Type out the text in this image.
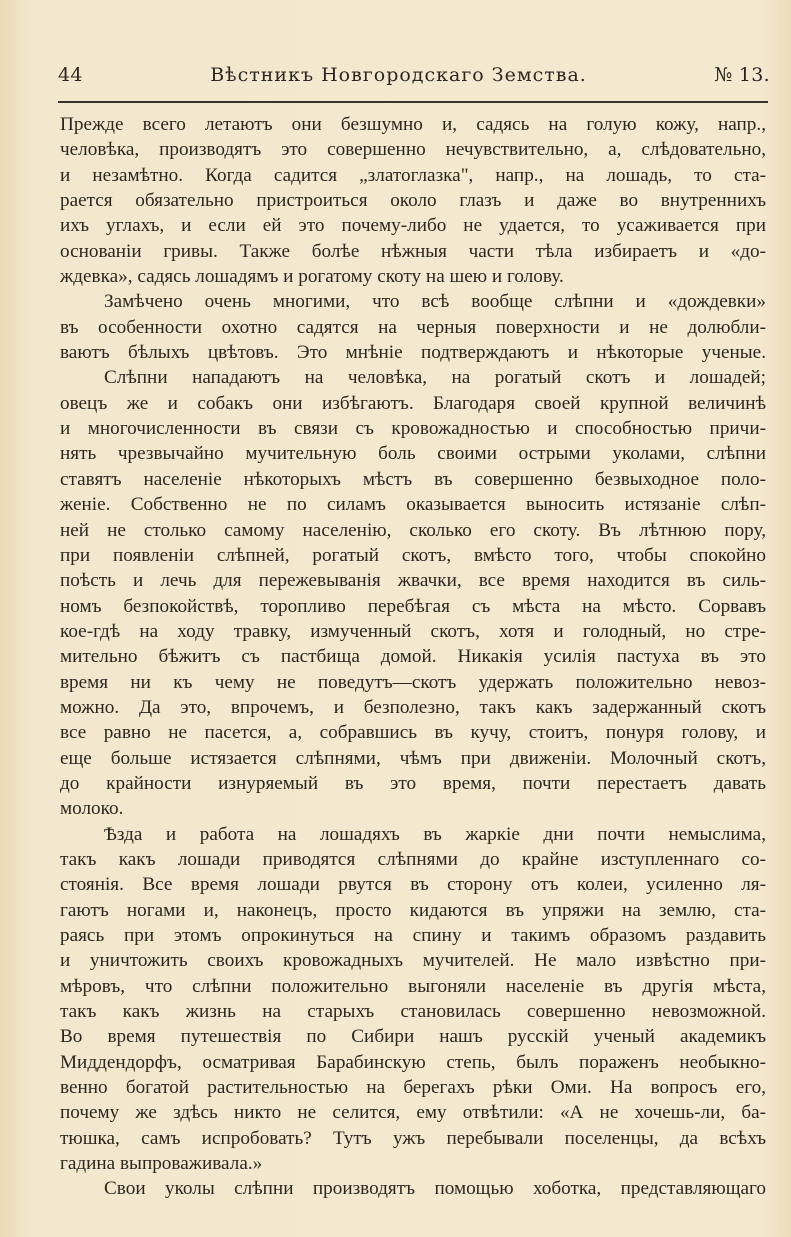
44	Вѣстникъ Новгородскаго Земства.	№ 13.
Прежде всего летаютъ они безшумно и, садясь на голую кожу, напр.,
человѣка, производятъ это совершенно нечувствительно, а, слѣдовательно,
и незамѣтно. Когда садится „златоглазка", напр., на лошадь, то ста-
рается обязательно пристроиться около глазъ и даже во внутреннихъ
ихъ углахъ, и если ей это почему-либо не удается, то усаживается при
основаніи гривы. Также болѣе нѣжныя части тѣла избираетъ и «до-
ждевка», садясь лошадямъ и рогатому скоту на шею и голову.
Замѣчено очень многими, что всѣ вообще слѣпни и «дождевки»
въ особенности охотно садятся на черныя поверхности и не долюбли-
ваютъ бѣлыхъ цвѣтовъ. Это мнѣніе подтверждаютъ и нѣкоторые ученые.
Слѣпни нападаютъ на человѣка, на рогатый скотъ и лошадей;
овецъ же и собакъ они избѣгаютъ. Благодаря своей крупной величинѣ
и многочисленности въ связи съ кровожадностью и способностью причи-
нять чрезвычайно мучительную боль своими острыми уколами, слѣпни
ставятъ населеніе нѣкоторыхъ мѣстъ въ совершенно безвыходное поло-
женіе. Собственно не по силамъ оказывается выносить истязаніе слѣп-
ней не столько самому населенію, сколько его скоту. Въ лѣтнюю пору,
при появленіи слѣпней, рогатый скотъ, вмѣсто того, чтобы спокойно
поѣсть и лечь для пережевыванія жвачки, все время находится въ силь-
номъ безпокойствѣ, торопливо перебѣгая съ мѣста на мѣсто. Сорвавъ
кое-гдѣ на ходу травку, измученный скотъ, хотя и голодный, но стре-
мительно бѣжитъ съ пастбища домой. Никакія усилія пастуха въ это
время ни къ чему не поведутъ—скотъ удержать положительно невоз-
можно. Да это, впрочемъ, и безполезно, такъ какъ задержанный скотъ
все равно не пасется, а, собравшись въ кучу, стоитъ, понуря голову, и
еще больше истязается слѣпнями, чѣмъ при движеніи. Молочный скотъ,
до крайности изнуряемый въ это время, почти перестаетъ давать
молоко.
Ѣзда и работа на лошадяхъ въ жаркіе дни почти немыслима,
такъ какъ лошади приводятся слѣпнями до крайне изступленнаго со-
стоянія. Все время лошади рвутся въ сторону отъ колеи, усиленно ля-
гаютъ ногами и, наконецъ, просто кидаются въ упряжи на землю, ста-
раясь при этомъ опрокинуться на спину и такимъ образомъ раздавить
и уничтожить своихъ кровожадныхъ мучителей. Не мало извѣстно при-
мѣровъ, что слѣпни положительно выгоняли населеніе въ другія мѣста,
такъ какъ жизнь на старыхъ становилась совершенно невозможной.
Во время путешествія по Сибири нашъ русскій ученый академикъ
Миддендорфъ, осматривая Барабинскую степь, былъ пораженъ необыкно-
венно богатой растительностью на берегахъ рѣки Оми. На вопросъ его,
почему же здѣсь никто не селится, ему отвѣтили: «А не хочешь-ли, ба-
тюшка, самъ испробовать? Тутъ ужъ перебывали поселенцы, да всѣхъ
гадина выпроваживала.»
Свои уколы слѣпни производятъ помощью хоботка, представляющаго
